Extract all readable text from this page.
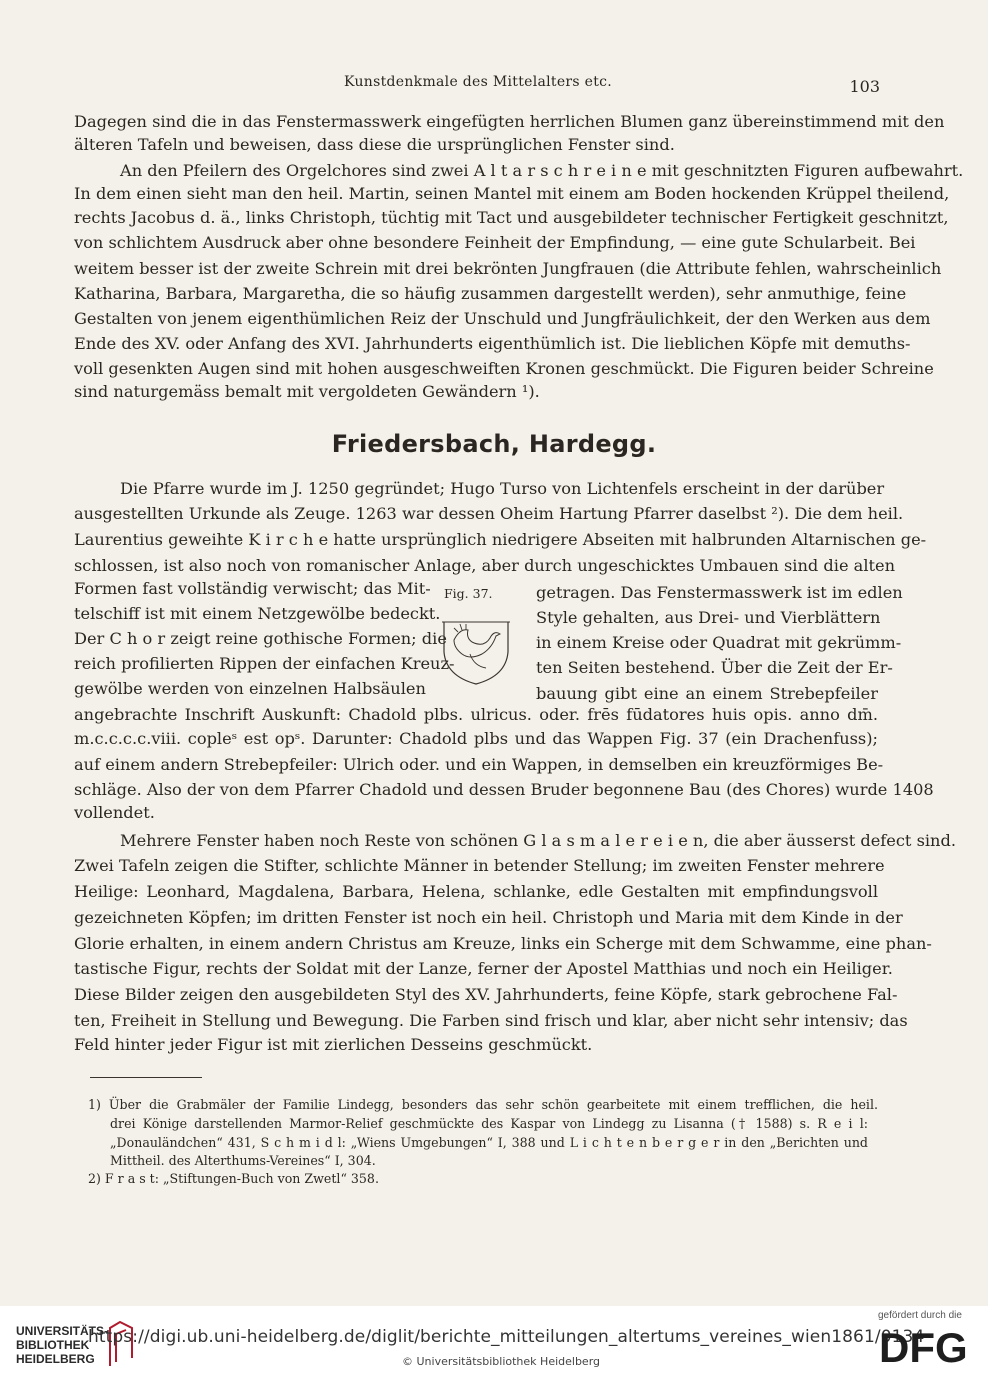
Kunstdenkmale des Mittelalters etc.	103
Dagegen sind die in das Fenstermasswerk eingefügten herrlichen Blumen ganz übereinstimmend mit den
älteren Tafeln und beweisen, dass diese die ursprünglichen Fenster sind.
An den Pfeilern des Orgelchores sind zwei A l t a r s c h r e i n e mit geschnitzten Figuren aufbewahrt.
In dem einen sieht man den heil. Martin, seinen Mantel mit einem am Boden hockenden Krüppel theilend,
rechts Jacobus d. ä., links Christoph, tüchtig mit Tact und ausgebildeter technischer Fertigkeit geschnitzt,
von schlichtem Ausdruck aber ohne besondere Feinheit der Empfindung, — eine gute Schularbeit. Bei
weitem besser ist der zweite Schrein mit drei bekrönten Jungfrauen (die Attribute fehlen, wahrscheinlich
Katharina, Barbara, Margaretha, die so häufig zusammen dargestellt werden), sehr anmuthige, feine
Gestalten von jenem eigenthümlichen Reiz der Unschuld und Jungfräulichkeit, der den Werken aus dem
Ende des XV. oder Anfang des XVI. Jahrhunderts eigenthümlich ist. Die lieblichen Köpfe mit demuths-
voll gesenkten Augen sind mit hohen ausgeschweiften Kronen geschmückt. Die Figuren beider Schreine
sind naturgemäss bemalt mit vergoldeten Gewändern ¹).
Friedersbach, Hardegg.
Die Pfarre wurde im J. 1250 gegründet; Hugo Turso von Lichtenfels erscheint in der darüber
ausgestellten Urkunde als Zeuge. 1263 war dessen Oheim Hartung Pfarrer daselbst ²). Die dem heil.
Laurentius geweihte K i r c h e hatte ursprünglich niedrigere Abseiten mit halbrunden Altarnischen ge-
schlossen, ist also noch von romanischer Anlage, aber durch ungeschicktes Umbauen sind die alten
Formen fast vollständig verwischt; das Mit-
telschiff ist mit einem Netzgewölbe bedeckt.
Der C h o r zeigt reine gothische Formen; die
reich profilierten Rippen der einfachen Kreuz-
gewölbe werden von einzelnen Halbsäulen
getragen. Das Fenstermasswerk ist im edlen
Style gehalten, aus Drei- und Vierblättern
in einem Kreise oder Quadrat mit gekrümm-
ten Seiten bestehend. Über die Zeit der Er-
bauung gibt eine an einem Strebepfeiler
Fig. 37.
angebrachte Inschrift Auskunft: Chadold plbs. ulricus. oder. frēs fūdatores huis opis. anno dm̄.
m.c.c.c.c.viii. copleˢ est opˢ. Darunter: Chadold plbs und das Wappen Fig. 37 (ein Drachenfuss);
auf einem andern Strebepfeiler: Ulrich oder. und ein Wappen, in demselben ein kreuzförmiges Be-
schläge. Also der von dem Pfarrer Chadold und dessen Bruder begonnene Bau (des Chores) wurde 1408
vollendet.
Mehrere Fenster haben noch Reste von schönen G l a s m a l e r e i e n, die aber äusserst defect sind.
Zwei Tafeln zeigen die Stifter, schlichte Männer in betender Stellung; im zweiten Fenster mehrere
Heilige: Leonhard, Magdalena, Barbara, Helena, schlanke, edle Gestalten mit empfindungsvoll
gezeichneten Köpfen; im dritten Fenster ist noch ein heil. Christoph und Maria mit dem Kinde in der
Glorie erhalten, in einem andern Christus am Kreuze, links ein Scherge mit dem Schwamme, eine phan-
tastische Figur, rechts der Soldat mit der Lanze, ferner der Apostel Matthias und noch ein Heiliger.
Diese Bilder zeigen den ausgebildeten Styl des XV. Jahrhunderts, feine Köpfe, stark gebrochene Fal-
ten, Freiheit in Stellung und Bewegung. Die Farben sind frisch und klar, aber nicht sehr intensiv; das
Feld hinter jeder Figur ist mit zierlichen Desseins geschmückt.
1) Über die Grabmäler der Familie Lindegg, besonders das sehr schön gearbeitete mit einem trefflichen, die heil.
drei Könige darstellenden Marmor-Relief geschmückte des Kaspar von Lindegg zu Lisanna († 1588) s. R e i l:
„Donauländchen“ 431, S c h m i d l: „Wiens Umgebungen“ I, 388 und L i c h t e n b e r g e r in den „Berichten und
Mittheil. des Alterthums-Vereines“ I, 304.
2) F r a s t: „Stiftungen-Buch von Zwetl“ 358.
UNIVERSITÄTS-
BIBLIOTHEK
HEIDELBERG
https://digi.ub.uni-heidelberg.de/diglit/berichte_mitteilungen_altertums_vereines_wien1861/0134
© Universitätsbibliothek Heidelberg
gefördert durch die
DFG
